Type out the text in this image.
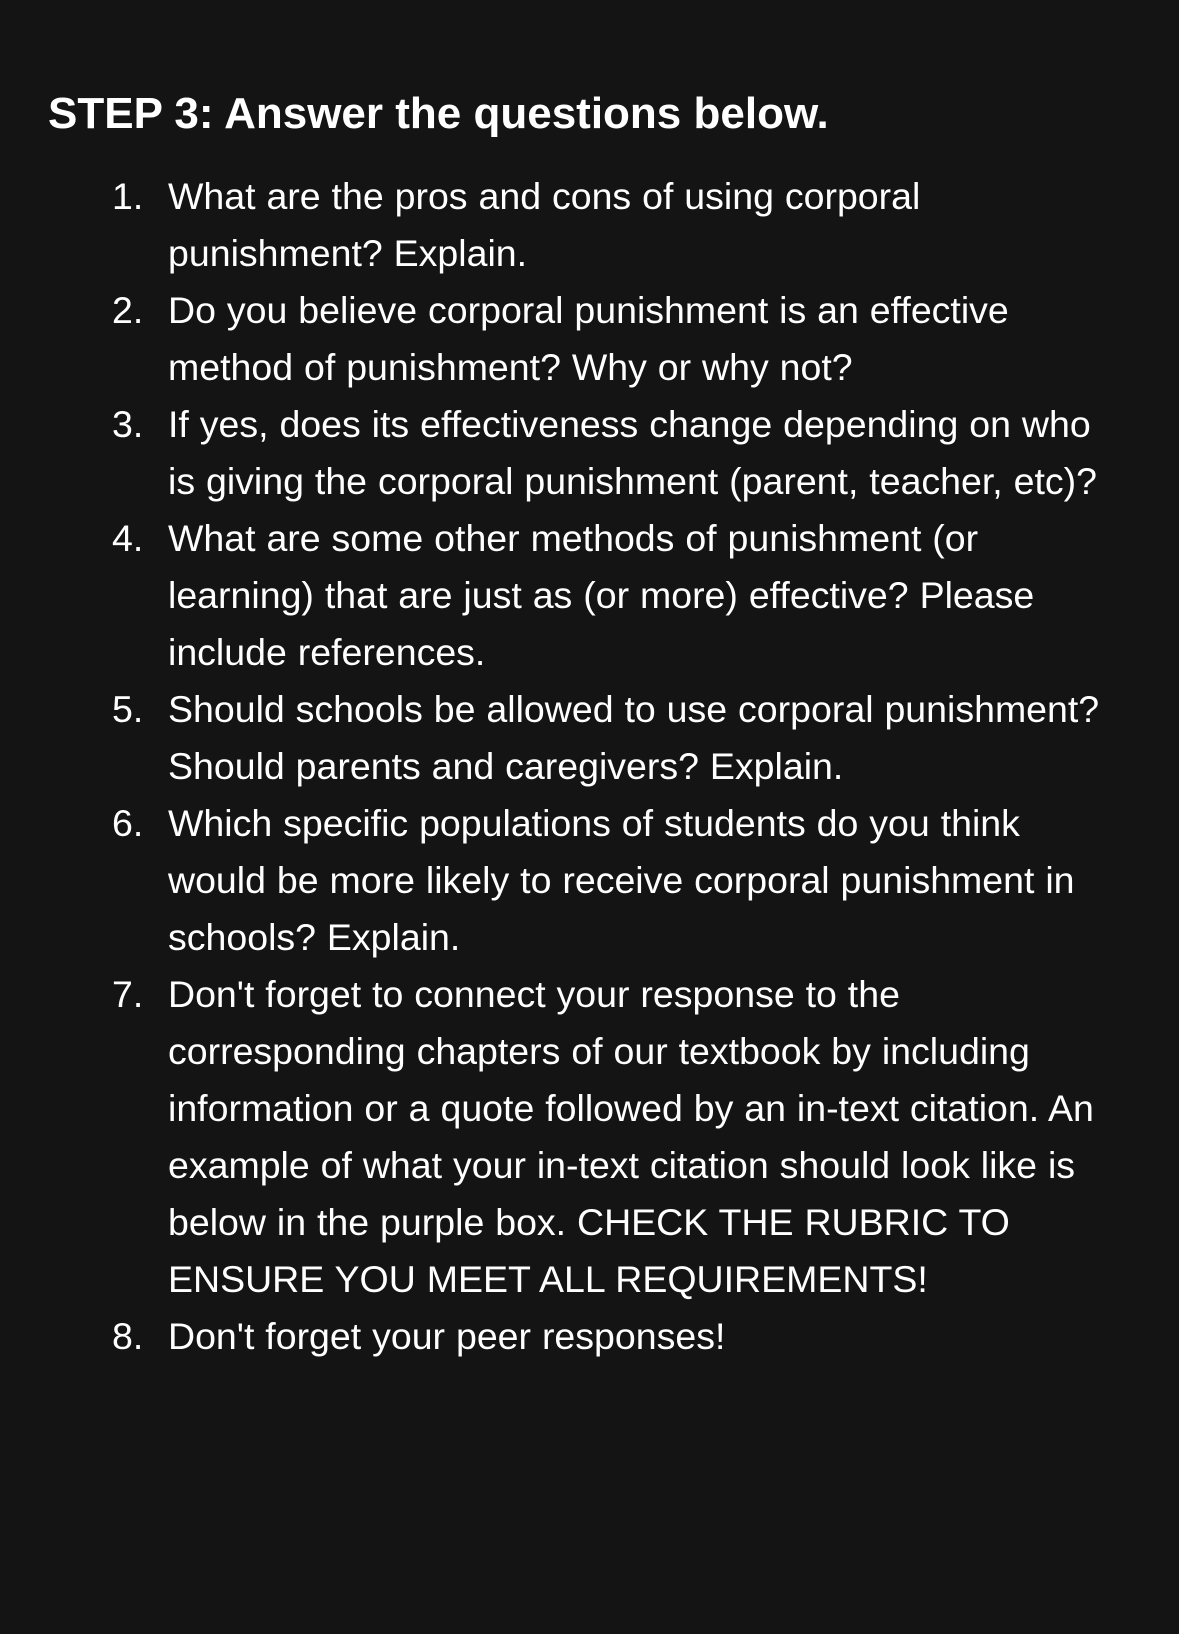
STEP 3: Answer the questions below.
1. What are the pros and cons of using corporal punishment? Explain.
2. Do you believe corporal punishment is an effective method of punishment? Why or why not?
3. If yes, does its effectiveness change depending on who is giving the corporal punishment (parent, teacher, etc)?
4. What are some other methods of punishment (or learning) that are just as (or more) effective? Please include references.
5. Should schools be allowed to use corporal punishment? Should parents and caregivers? Explain.
6. Which specific populations of students do you think would be more likely to receive corporal punishment in schools? Explain.
7. Don't forget to connect your response to the corresponding chapters of our textbook by including information or a quote followed by an in-text citation. An example of what your in-text citation should look like is below in the purple box. CHECK THE RUBRIC TO ENSURE YOU MEET ALL REQUIREMENTS!
8. Don't forget your peer responses!
